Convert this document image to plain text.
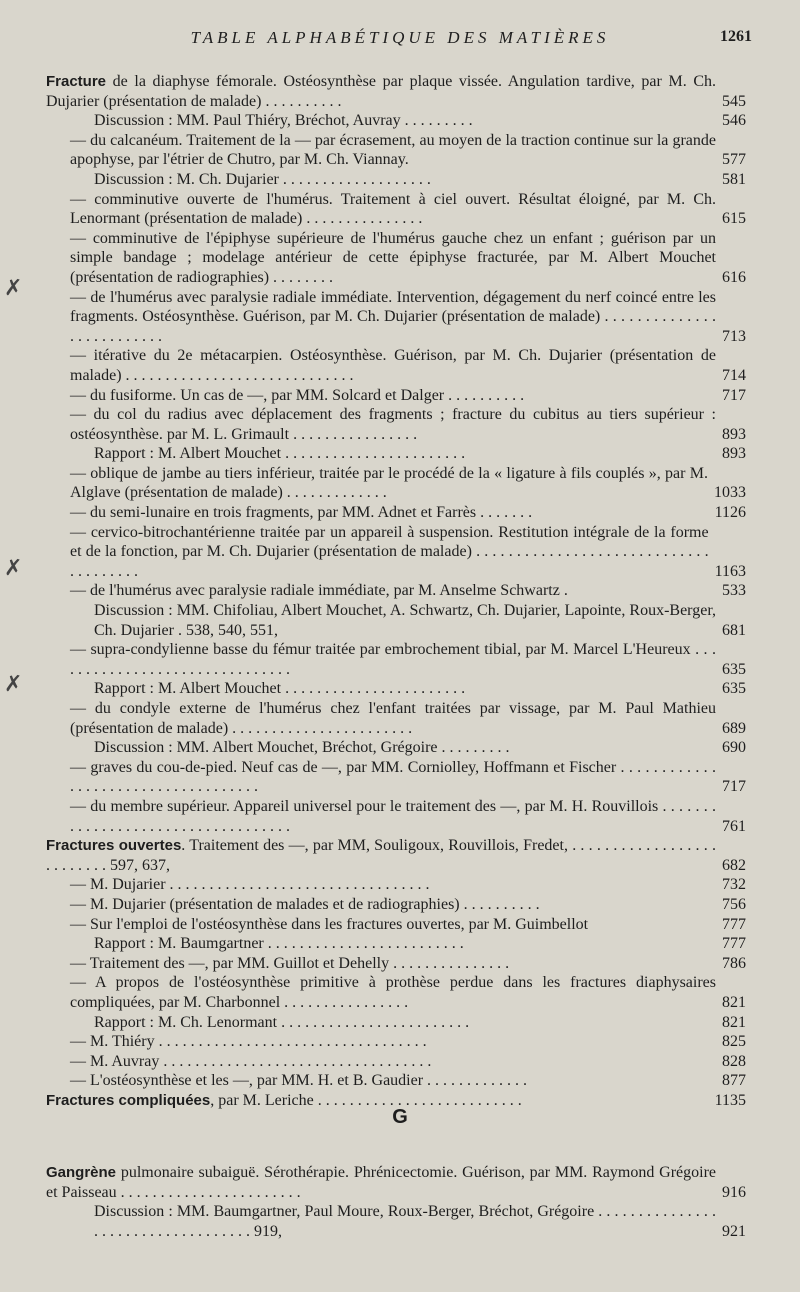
TABLE ALPHABÉTIQUE DES MATIÈRES	1261
Fracture de la diaphyse fémorale. Ostéosynthèse par plaque vissée. Angulation tardive, par M. Ch. Dujarier (présentation de malade) . . . . . . . . . .	545
Discussion : MM. Paul Thiéry, Bréchot, Auvray . . . . . . . . .	546
— du calcanéum. Traitement de la — par écrasement, au moyen de la traction continue sur la grande apophyse, par l'étrier de Chutro, par M. Ch. Viannay.	577
Discussion : M. Ch. Dujarier . . . . . . . . . . . . . . . . . . .	581
— comminutive ouverte de l'humérus. Traitement à ciel ouvert. Résultat éloigné, par M. Ch. Lenormant (présentation de malade) . . . . . . . . . . . . . . .	615
— comminutive de l'épiphyse supérieure de l'humérus gauche chez un enfant ; guérison par un simple bandage ; modelage antérieur de cette épiphyse fracturée, par M. Albert Mouchet (présentation de radiographies) . . . . . . . .	616
— de l'humérus avec paralysie radiale immédiate. Intervention, dégagement du nerf coincé entre les fragments. Ostéosynthèse. Guérison, par M. Ch. Dujarier (présentation de malade) . . . . . . . . . . . . . . . . . . . . . . . . . .	713
— itérative du 2e métacarpien. Ostéosynthèse. Guérison, par M. Ch. Dujarier (présentation de malade) . . . . . . . . . . . . . . . . . . . . . . . . . . . . .	714
— du fusiforme. Un cas de —, par MM. Solcard et Dalger . . . . . . . . . .	717
— du col du radius avec déplacement des fragments ; fracture du cubitus au tiers supérieur : ostéosynthèse. par M. L. Grimault . . . . . . . . . . . . . . . .	893
Rapport : M. Albert Mouchet . . . . . . . . . . . . . . . . . . . . . . .	893
— oblique de jambe au tiers inférieur, traitée par le procédé de la « ligature à fils couplés », par M. Alglave (présentation de malade) . . . . . . . . . . . . .	1033
— du semi-lunaire en trois fragments, par MM. Adnet et Farrès . . . . . . .	1126
— cervico-bitrochantérienne traitée par un appareil à suspension. Restitution intégrale de la forme et de la fonction, par M. Ch. Dujarier (présentation de malade) . . . . . . . . . . . . . . . . . . . . . . . . . . . . . . . . . . . . . .	1163
— de l'humérus avec paralysie radiale immédiate, par M. Anselme Schwartz .	533
Discussion : MM. Chifoliau, Albert Mouchet, A. Schwartz, Ch. Dujarier, Lapointe, Roux-Berger, Ch. Dujarier . 538, 540, 551,	681
— supra-condylienne basse du fémur traitée par embrochement tibial, par M. Marcel L'Heureux . . . . . . . . . . . . . . . . . . . . . . . . . . . . . . .	635
Rapport : M. Albert Mouchet . . . . . . . . . . . . . . . . . . . . . . .	635
— du condyle externe de l'humérus chez l'enfant traitées par vissage, par M. Paul Mathieu (présentation de malade) . . . . . . . . . . . . . . . . . . . . . . .	689
Discussion : MM. Albert Mouchet, Bréchot, Grégoire . . . . . . . . .	690
— graves du cou-de-pied. Neuf cas de —, par MM. Corniolley, Hoffmann et Fischer . . . . . . . . . . . . . . . . . . . . . . . . . . . . . . . . . . . .	717
— du membre supérieur. Appareil universel pour le traitement des —, par M. H. Rouvillois . . . . . . . . . . . . . . . . . . . . . . . . . . . . . . . . . . .	761
Fractures ouvertes. Traitement des —, par MM, Souligoux, Rouvillois, Fredet, . . . . . . . . . . . . . . . . . . . . . . . . . . 597, 637,	682
— M. Dujarier . . . . . . . . . . . . . . . . . . . . . . . . . . . . . . . . .	732
— M. Dujarier (présentation de malades et de radiographies) . . . . . . . . . .	756
— Sur l'emploi de l'ostéosynthèse dans les fractures ouvertes, par M. Guimbellot	777
Rapport : M. Baumgartner . . . . . . . . . . . . . . . . . . . . . . . . .	777
— Traitement des —, par MM. Guillot et Dehelly . . . . . . . . . . . . . . .	786
— A propos de l'ostéosynthèse primitive à prothèse perdue dans les fractures diaphysaires compliquées, par M. Charbonnel . . . . . . . . . . . . . . . .	821
Rapport : M. Ch. Lenormant . . . . . . . . . . . . . . . . . . . . . . . .	821
— M. Thiéry . . . . . . . . . . . . . . . . . . . . . . . . . . . . . . . . . .	825
— M. Auvray . . . . . . . . . . . . . . . . . . . . . . . . . . . . . . . . . .	828
— L'ostéosynthèse et les —, par MM. H. et B. Gaudier . . . . . . . . . . . . .	877
Fractures compliquées, par M. Leriche . . . . . . . . . . . . . . . . . . . . . . . . . .	1135
G
Gangrène pulmonaire subaiguë. Sérothérapie. Phrénicectomie. Guérison, par MM. Raymond Grégoire et Paisseau . . . . . . . . . . . . . . . . . . . . . . .	916
Discussion : MM. Baumgartner, Paul Moure, Roux-Berger, Bréchot, Grégoire . . . . . . . . . . . . . . . . . . . . . . . . . . . . . . . . . . . 919,	921
✗
✗
✗
